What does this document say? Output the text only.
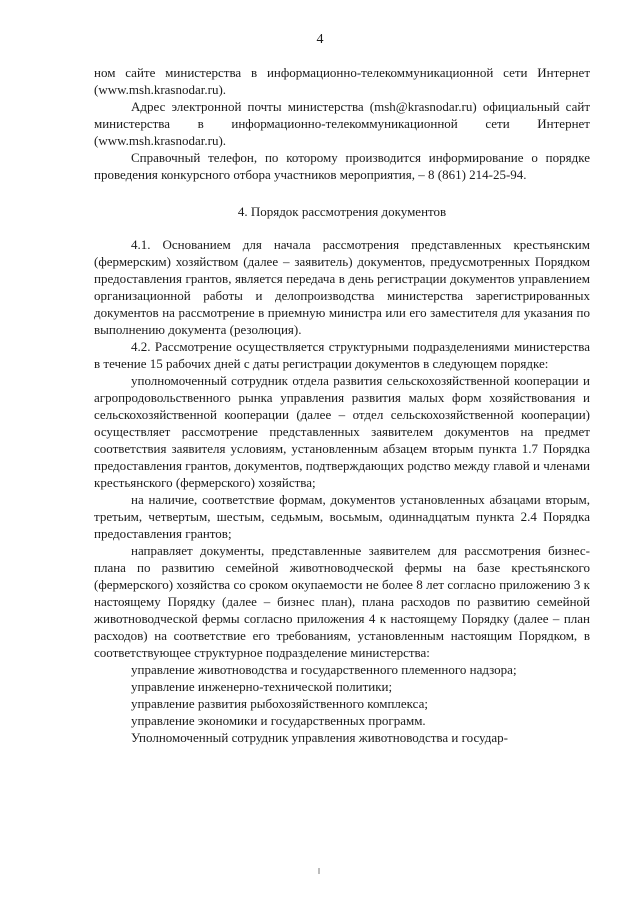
4

ном сайте министерства в информационно-телекоммуникационной сети Интернет (www.msh.krasnodar.ru).

Адрес электронной почты министерства (msh@krasnodar.ru) официальный сайт министерства в информационно-телекоммуникационной сети Интернет (www.msh.krasnodar.ru).

Справочный телефон, по которому производится информирование о порядке проведения конкурсного отбора участников мероприятия, – 8 (861) 214-25-94.

4. Порядок рассмотрения документов

4.1. Основанием для начала рассмотрения представленных крестьянским (фермерским) хозяйством (далее – заявитель) документов, предусмотренных Порядком предоставления грантов, является передача в день регистрации документов управлением организационной работы и делопроизводства министерства зарегистрированных документов на рассмотрение в приемную министра или его заместителя для указания по выполнению документа (резолюция).

4.2. Рассмотрение осуществляется структурными подразделениями министерства в течение 15 рабочих дней с даты регистрации документов в следующем порядке:

уполномоченный сотрудник отдела развития сельскохозяйственной кооперации и агропродовольственного рынка управления развития малых форм хозяйствования и сельскохозяйственной кооперации (далее – отдел сельскохозяйственной кооперации) осуществляет рассмотрение представленных заявителем документов на предмет соответствия заявителя условиям, установленным абзацем вторым пункта 1.7 Порядка предоставления грантов, документов, подтверждающих родство между главой и членами крестьянского (фермерского) хозяйства;

на наличие, соответствие формам, документов установленных абзацами вторым, третьим, четвертым, шестым, седьмым, восьмым, одиннадцатым пункта 2.4 Порядка предоставления грантов;

направляет документы, представленные заявителем для рассмотрения бизнес-плана по развитию семейной животноводческой фермы на базе крестьянского (фермерского) хозяйства со сроком окупаемости не более 8 лет согласно приложению 3 к настоящему Порядку (далее – бизнес план), плана расходов по развитию семейной животноводческой фермы согласно приложения 4 к настоящему Порядку (далее – план расходов) на соответствие его требованиям, установленным настоящим Порядком, в соответствующее структурное подразделение министерства:

управление животноводства и государственного племенного надзора;

управление инженерно-технической политики;

управление развития рыбохозяйственного комплекса;

управление экономики и государственных программ.

Уполномоченный сотрудник управления животноводства и государ-
